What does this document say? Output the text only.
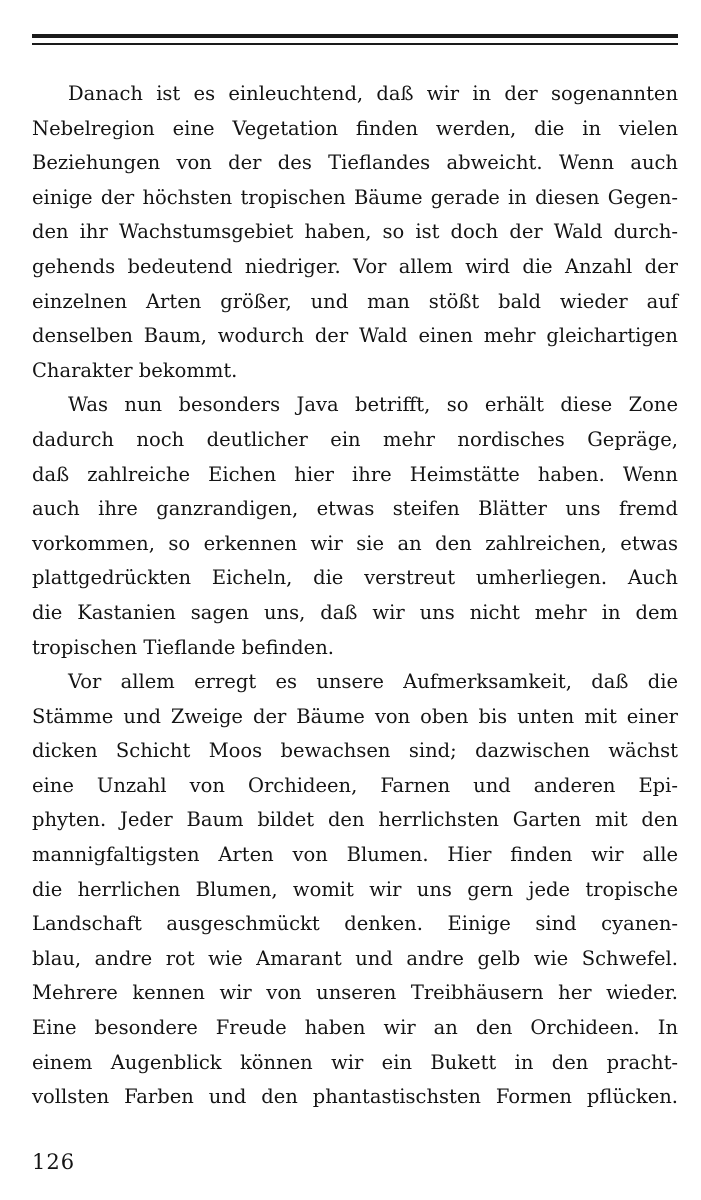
Danach ist es einleuchtend, daß wir in der sogenannten
Nebelregion eine Vegetation finden werden, die in vielen
Beziehungen von der des Tieflandes abweicht. Wenn auch
einige der höchsten tropischen Bäume gerade in diesen Gegen-
den ihr Wachstumsgebiet haben, so ist doch der Wald durch-
gehends bedeutend niedriger. Vor allem wird die Anzahl der
einzelnen Arten größer, und man stößt bald wieder auf
denselben Baum, wodurch der Wald einen mehr gleichartigen
Charakter bekommt.
Was nun besonders Java betrifft, so erhält diese Zone
dadurch noch deutlicher ein mehr nordisches Gepräge,
daß zahlreiche Eichen hier ihre Heimstätte haben. Wenn
auch ihre ganzrandigen, etwas steifen Blätter uns fremd
vorkommen, so erkennen wir sie an den zahlreichen, etwas
plattgedrückten Eicheln, die verstreut umherliegen. Auch
die Kastanien sagen uns, daß wir uns nicht mehr in dem
tropischen Tieflande befinden.
Vor allem erregt es unsere Aufmerksamkeit, daß die
Stämme und Zweige der Bäume von oben bis unten mit einer
dicken Schicht Moos bewachsen sind; dazwischen wächst
eine Unzahl von Orchideen, Farnen und anderen Epi-
phyten. Jeder Baum bildet den herrlichsten Garten mit den
mannigfaltigsten Arten von Blumen. Hier finden wir alle
die herrlichen Blumen, womit wir uns gern jede tropische
Landschaft ausgeschmückt denken. Einige sind cyanen-
blau, andre rot wie Amarant und andre gelb wie Schwefel.
Mehrere kennen wir von unseren Treibhäusern her wieder.
Eine besondere Freude haben wir an den Orchideen. In
einem Augenblick können wir ein Bukett in den pracht-
vollsten Farben und den phantastischsten Formen pflücken.
126
